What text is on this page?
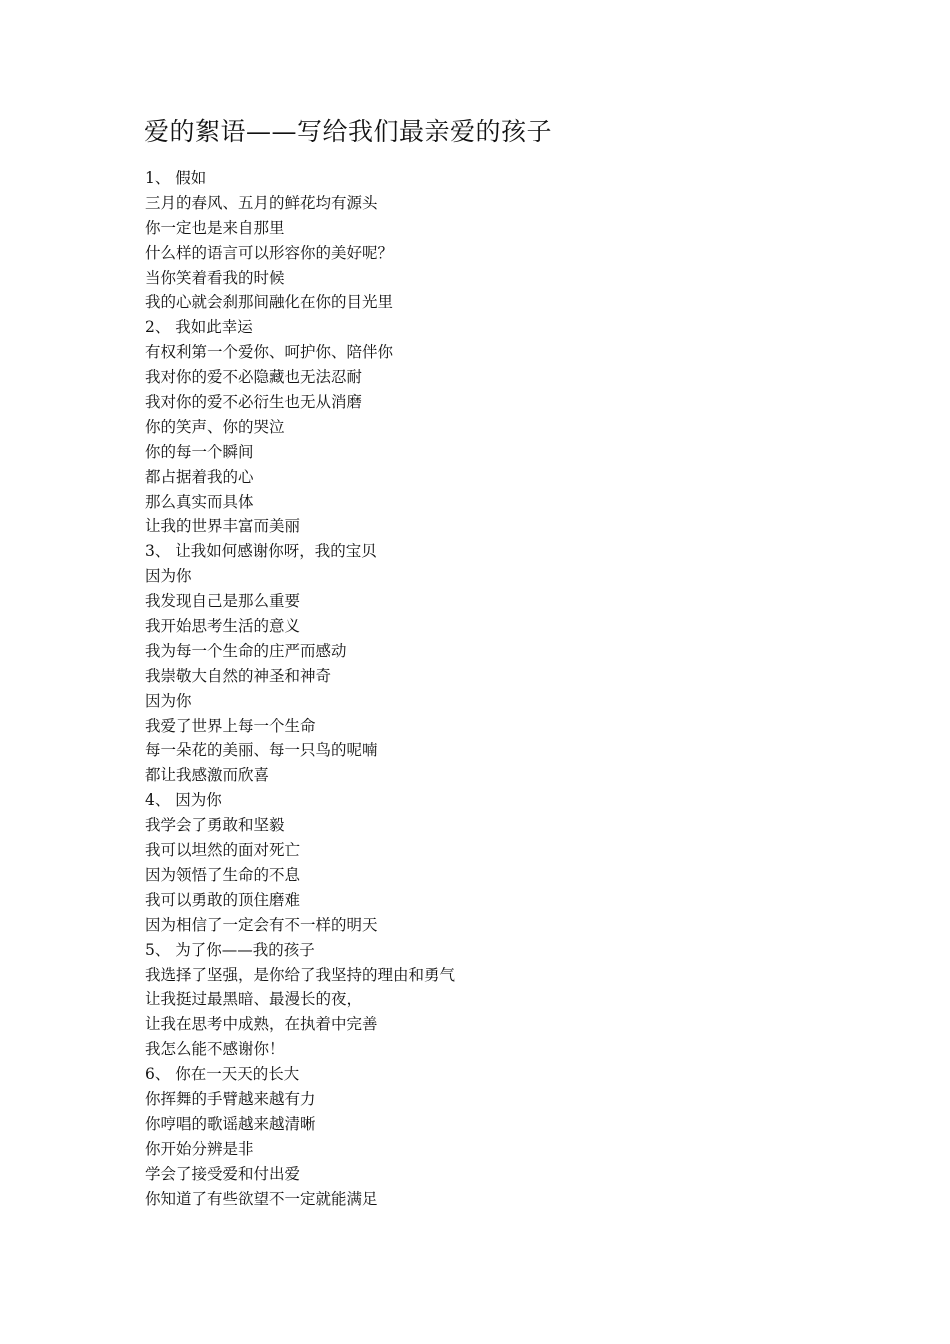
爱的絮语——写给我们最亲爱的孩子
1、 假如
三月的春风、五月的鲜花均有源头
你一定也是来自那里
什么样的语言可以形容你的美好呢？
当你笑着看我的时候
我的心就会刹那间融化在你的目光里
2、 我如此幸运
有权利第一个爱你、呵护你、陪伴你
我对你的爱不必隐藏也无法忍耐
我对你的爱不必衍生也无从消磨
你的笑声、你的哭泣
你的每一个瞬间
都占据着我的心
那么真实而具体
让我的世界丰富而美丽
3、 让我如何感谢你呀，我的宝贝
因为你
我发现自己是那么重要
我开始思考生活的意义
我为每一个生命的庄严而感动
我崇敬大自然的神圣和神奇
因为你
我爱了世界上每一个生命
每一朵花的美丽、每一只鸟的呢喃
都让我感激而欣喜
4、 因为你
我学会了勇敢和坚毅
我可以坦然的面对死亡
因为领悟了生命的不息
我可以勇敢的顶住磨难
因为相信了一定会有不一样的明天
5、 为了你——我的孩子
我选择了坚强，是你给了我坚持的理由和勇气
让我挺过最黑暗、最漫长的夜，
让我在思考中成熟，在执着中完善
我怎么能不感谢你！
6、 你在一天天的长大
你挥舞的手臂越来越有力
你哼唱的歌谣越来越清晰
你开始分辨是非
学会了接受爱和付出爱
你知道了有些欲望不一定就能满足
